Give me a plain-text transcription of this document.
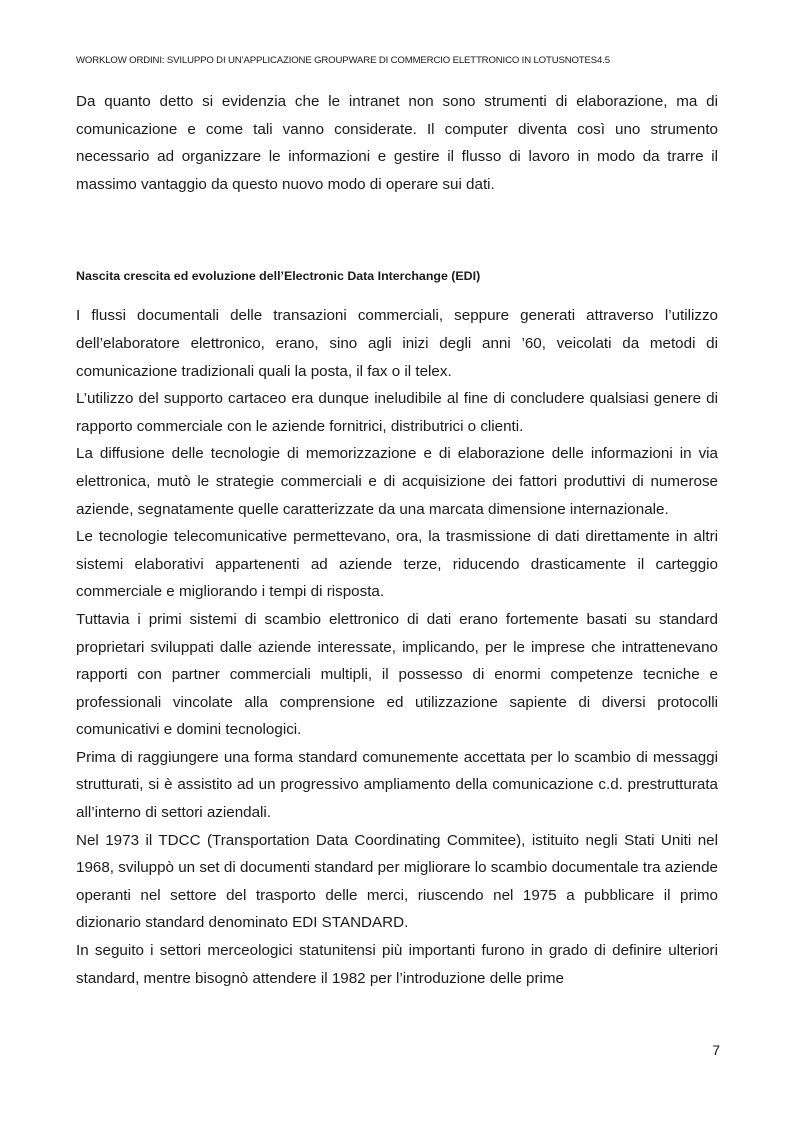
WORKLOW ORDINI: SVILUPPO DI UN’APPLICAZIONE GROUPWARE DI COMMERCIO ELETTRONICO IN LOTUSNOTES4.5

Da quanto detto si evidenzia che le intranet non sono strumenti di elaborazione, ma di comunicazione e come tali vanno considerate. Il computer diventa così uno strumento necessario ad organizzare le informazioni e gestire il flusso di lavoro in modo da trarre il massimo vantaggio da questo nuovo modo di operare sui dati.

Nascita crescita ed evoluzione dell’Electronic Data Interchange (EDI)

I flussi documentali delle transazioni commerciali, seppure generati attraverso l’utilizzo dell’elaboratore elettronico, erano, sino agli inizi degli anni ’60, veicolati da metodi di comunicazione tradizionali quali la posta, il fax o il telex.

L’utilizzo del supporto cartaceo era dunque ineludibile al fine di concludere qualsiasi genere di rapporto commerciale con le aziende fornitrici, distributrici o clienti.

La diffusione delle tecnologie di memorizzazione e di elaborazione delle informazioni in via elettronica, mutò le strategie commerciali e di acquisizione dei fattori produttivi di numerose aziende, segnatamente quelle caratterizzate da una marcata dimensione internazionale.

Le tecnologie telecomunicative permettevano, ora, la trasmissione di dati direttamente in altri sistemi elaborativi appartenenti ad aziende terze, riducendo drasticamente il carteggio commerciale e migliorando i tempi di risposta.

Tuttavia i primi sistemi di scambio elettronico di dati erano fortemente basati su standard proprietari sviluppati dalle aziende interessate, implicando, per le imprese che intrattenevano rapporti con partner commerciali multipli, il possesso di enormi competenze tecniche e professionali vincolate alla comprensione ed utilizzazione sapiente di diversi protocolli comunicativi e domini tecnologici.

Prima di raggiungere una forma standard comunemente accettata per lo scambio di messaggi strutturati, si è assistito ad un progressivo ampliamento della comunicazione c.d. prestrutturata all’interno di settori aziendali.

Nel 1973 il TDCC (Transportation Data Coordinating Commitee), istituito negli Stati Uniti nel 1968, sviluppò un set di documenti standard per migliorare lo scambio documentale tra aziende operanti nel settore del trasporto delle merci, riuscendo nel 1975 a pubblicare il primo dizionario standard denominato EDI STANDARD.

In seguito i settori merceologici statunitensi più importanti furono in grado di definire ulteriori standard, mentre bisognò attendere il 1982 per l’introduzione delle prime

7
